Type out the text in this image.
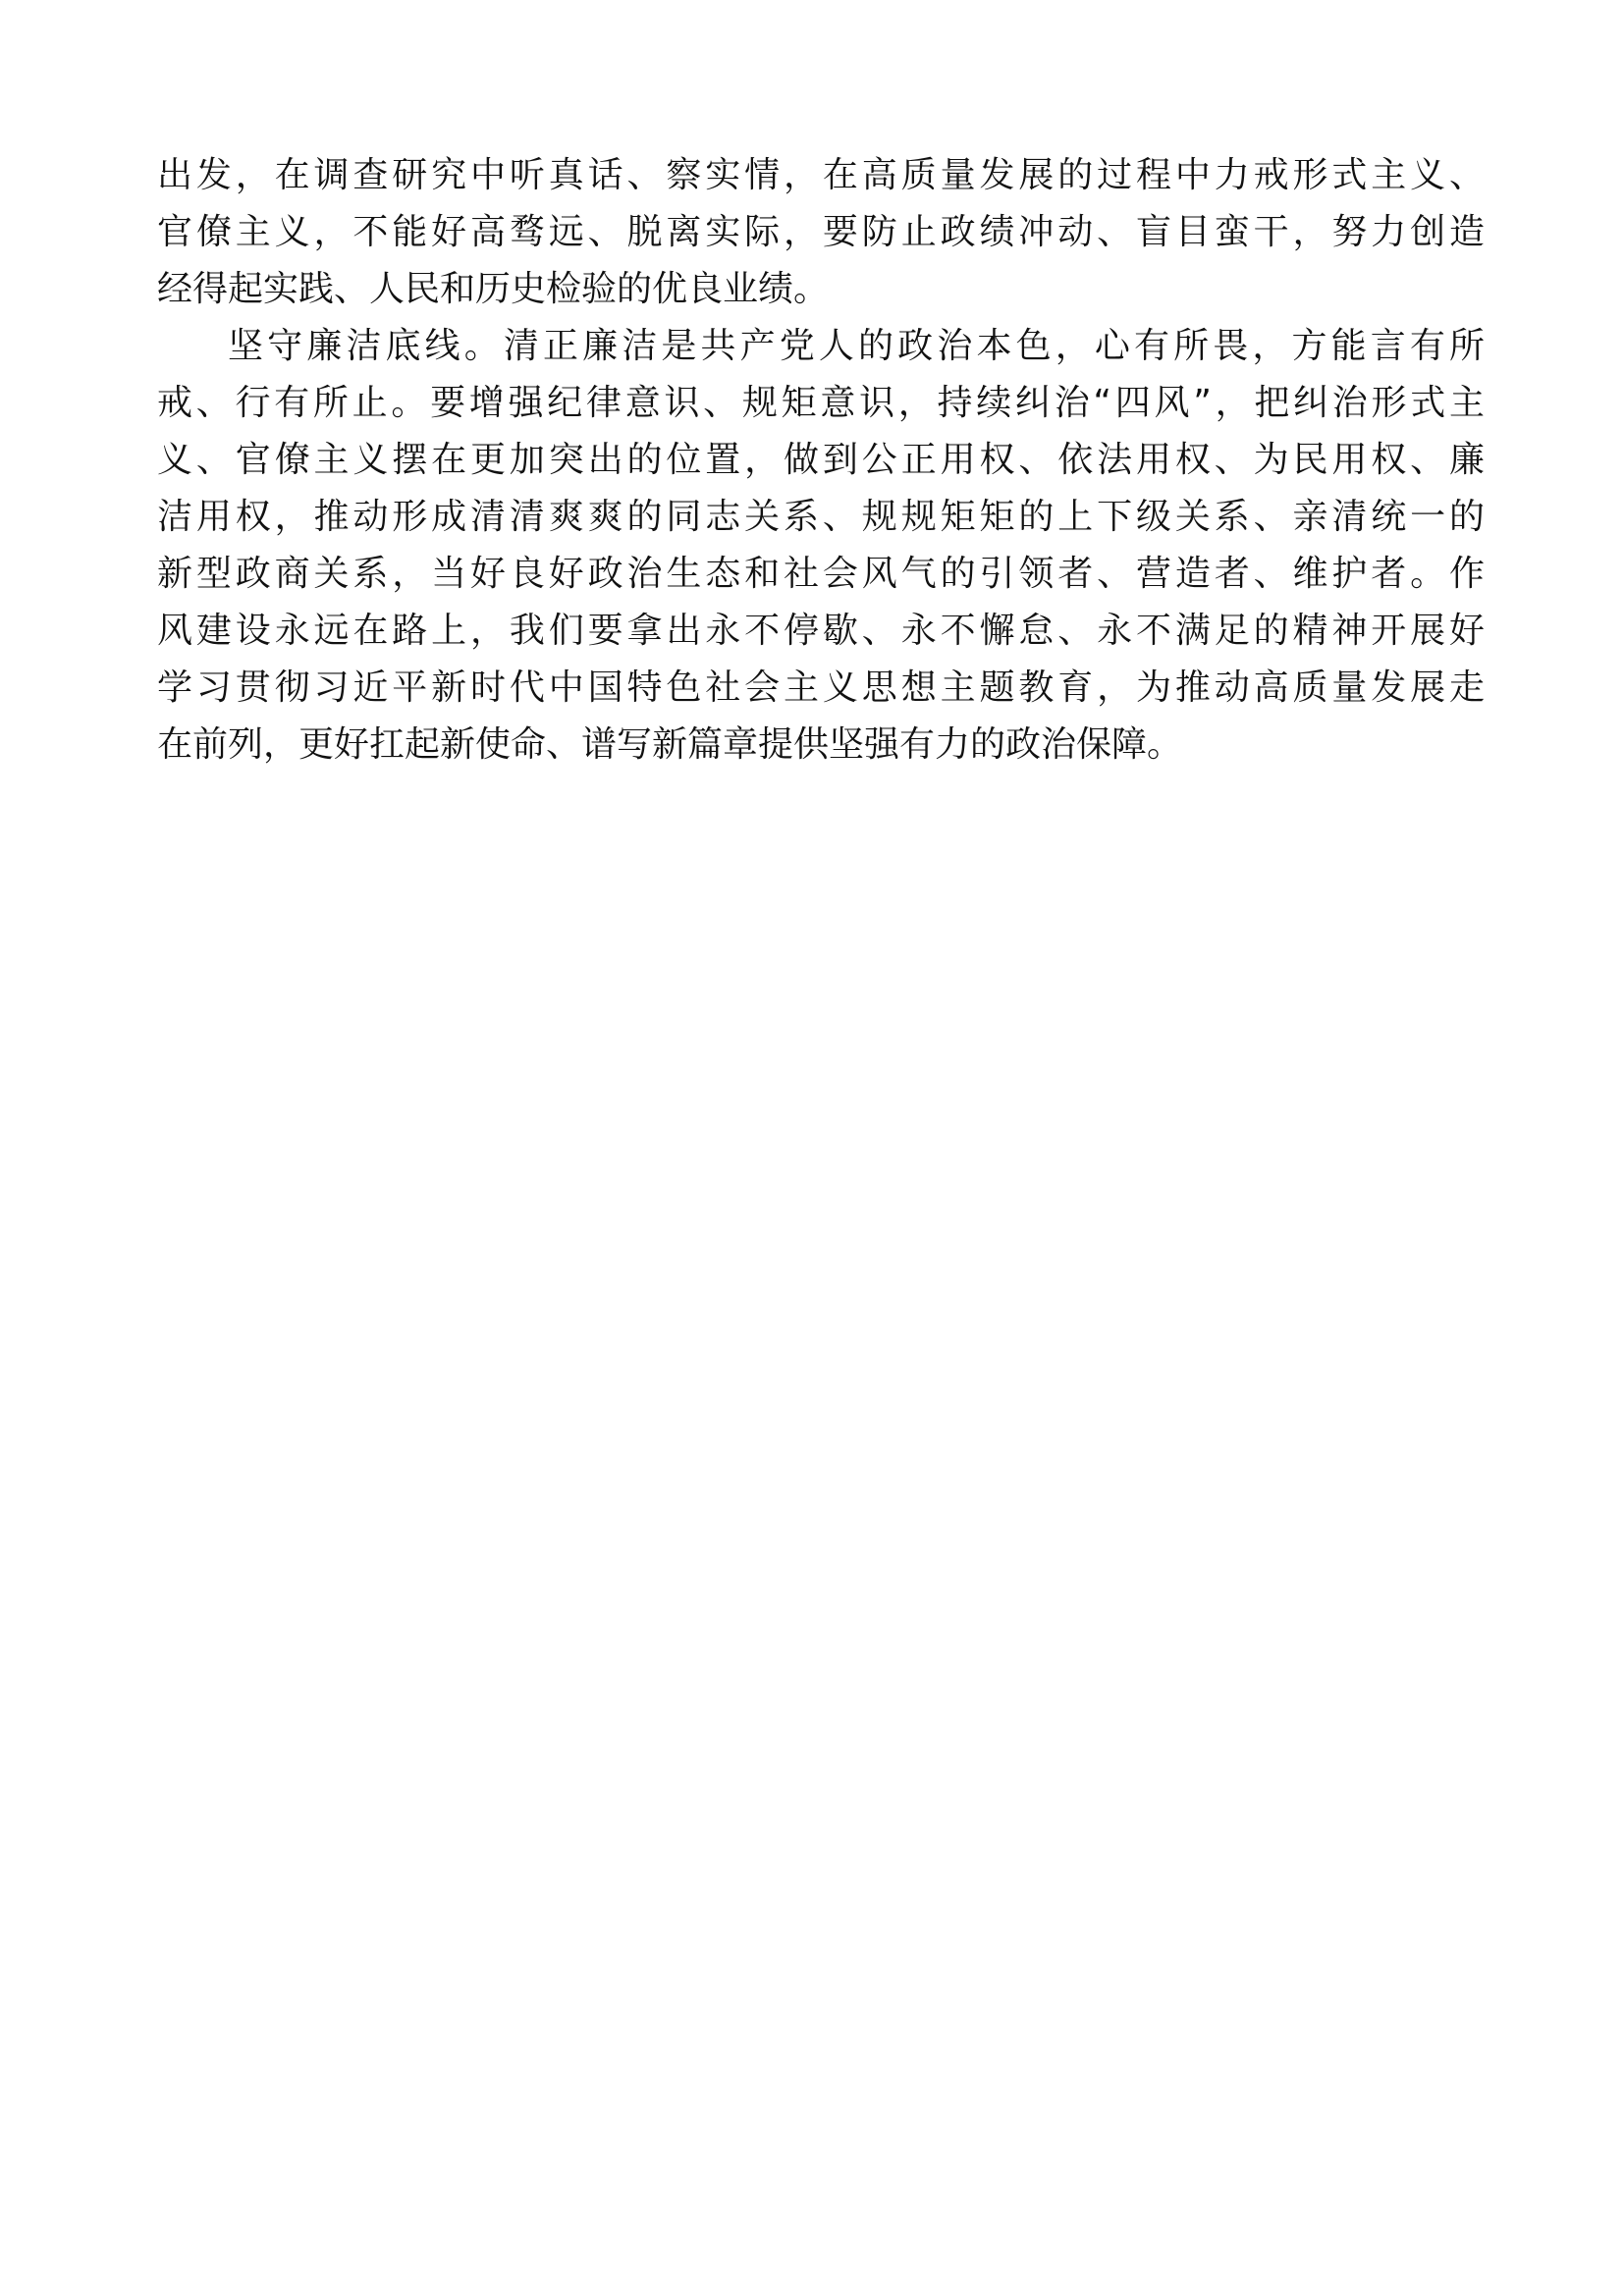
出发，在调查研究中听真话、察实情，在高质量发展的过程中力戒形式主义、
官僚主义，不能好高骛远、脱离实际，要防止政绩冲动、盲目蛮干，努力创造
经得起实践、人民和历史检验的优良业绩。
坚守廉洁底线。清正廉洁是共产党人的政治本色，心有所畏，方能言有所
戒、行有所止。要增强纪律意识、规矩意识，持续纠治“四风”，把纠治形式主
义、官僚主义摆在更加突出的位置，做到公正用权、依法用权、为民用权、廉
洁用权，推动形成清清爽爽的同志关系、规规矩矩的上下级关系、亲清统一的
新型政商关系，当好良好政治生态和社会风气的引领者、营造者、维护者。作
风建设永远在路上，我们要拿出永不停歇、永不懈怠、永不满足的精神开展好
学习贯彻习近平新时代中国特色社会主义思想主题教育，为推动高质量发展走
在前列，更好扛起新使命、谱写新篇章提供坚强有力的政治保障。
